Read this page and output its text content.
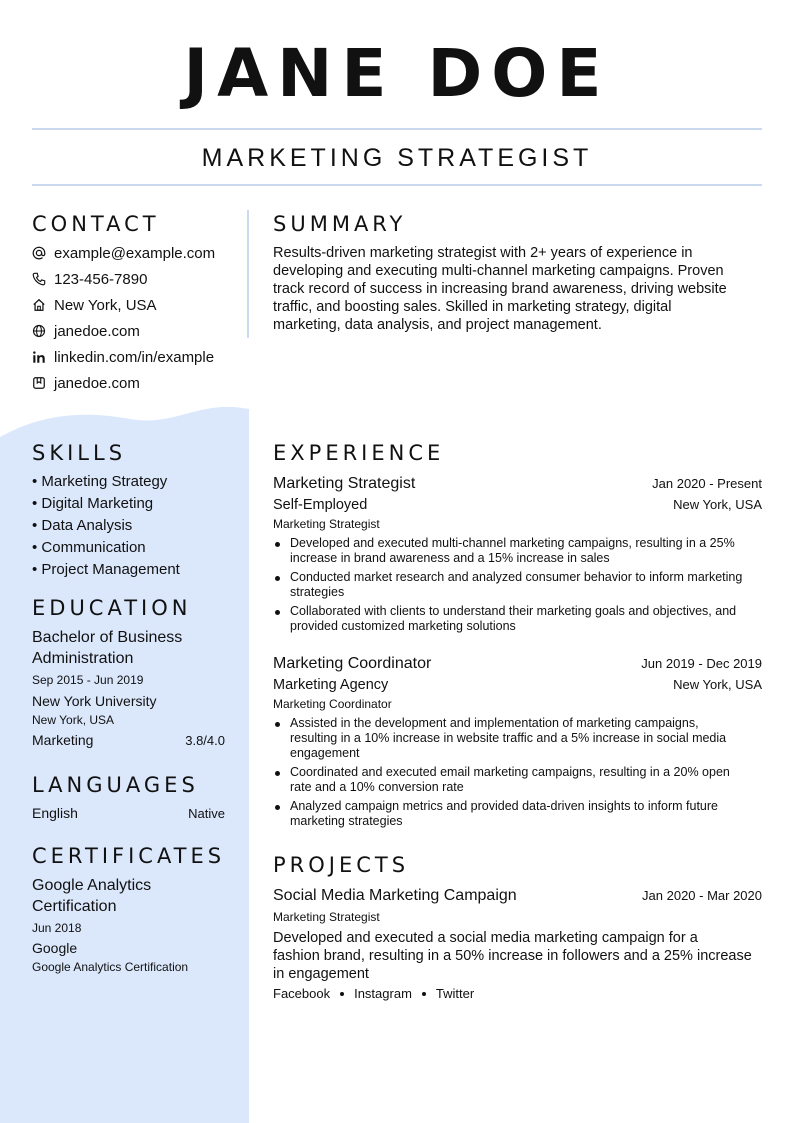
JANE DOE
MARKETING STRATEGIST
CONTACT
example@example.com
123-456-7890
New York, USA
janedoe.com
linkedin.com/in/example
janedoe.com
SUMMARY
Results-driven marketing strategist with 2+ years of experience in
developing and executing multi-channel marketing campaigns. Proven
track record of success in increasing brand awareness, driving website
traffic, and boosting sales. Skilled in marketing strategy, digital
marketing, data analysis, and project management.
SKILLS
• Marketing Strategy
• Digital Marketing
• Data Analysis
• Communication
• Project Management
EDUCATION
Bachelor of Business
Administration
Sep 2015 - Jun 2019
New York University
New York, USA
Marketing	3.8/4.0
LANGUAGES
English	Native
CERTIFICATES
Google Analytics
Certification
Jun 2018
Google
Google Analytics Certification
EXPERIENCE
Marketing Strategist	Jan 2020 - Present
Self-Employed	New York, USA
Marketing Strategist
Developed and executed multi-channel marketing campaigns, resulting in a 25%
increase in brand awareness and a 15% increase in sales
Conducted market research and analyzed consumer behavior to inform marketing
strategies
Collaborated with clients to understand their marketing goals and objectives, and
provided customized marketing solutions
Marketing Coordinator	Jun 2019 - Dec 2019
Marketing Agency	New York, USA
Marketing Coordinator
Assisted in the development and implementation of marketing campaigns,
resulting in a 10% increase in website traffic and a 5% increase in social media
engagement
Coordinated and executed email marketing campaigns, resulting in a 20% open
rate and a 10% conversion rate
Analyzed campaign metrics and provided data-driven insights to inform future
marketing strategies
PROJECTS
Social Media Marketing Campaign	Jan 2020 - Mar 2020
Marketing Strategist
Developed and executed a social media marketing campaign for a
fashion brand, resulting in a 50% increase in followers and a 25% increase
in engagement
Facebook Instagram Twitter
